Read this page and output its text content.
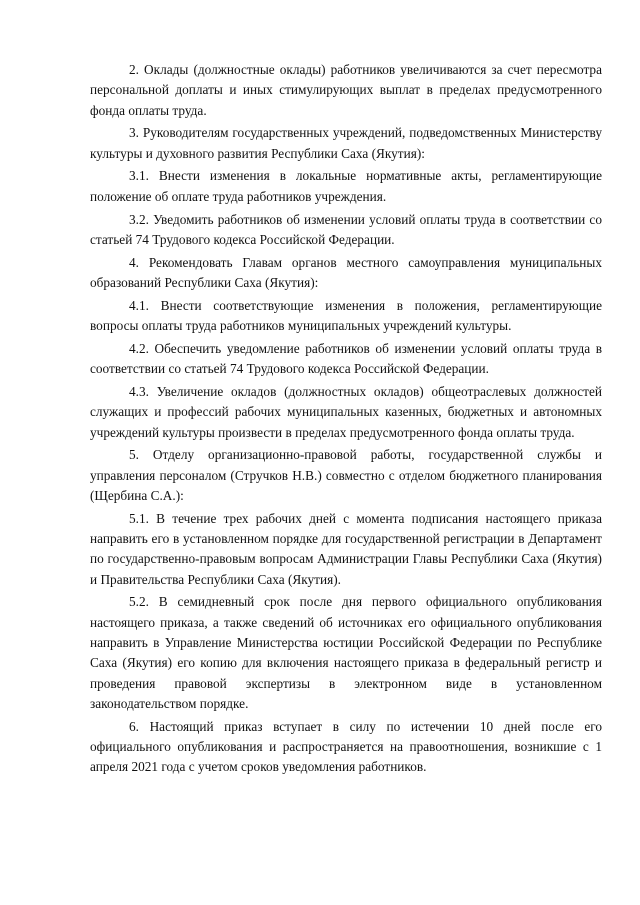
2. Оклады (должностные оклады) работников увеличиваются за счет пересмотра персональной доплаты и иных стимулирующих выплат в пределах предусмотренного фонда оплаты труда.

3. Руководителям государственных учреждений, подведомственных Министерству культуры и духовного развития Республики Саха (Якутия):

3.1. Внести изменения в локальные нормативные акты, регламентирующие положение об оплате труда работников учреждения.

3.2. Уведомить работников об изменении условий оплаты труда в соответствии со статьей 74 Трудового кодекса Российской Федерации.

4. Рекомендовать Главам органов местного самоуправления муниципальных образований Республики Саха (Якутия):

4.1. Внести соответствующие изменения в положения, регламентирующие вопросы оплаты труда работников муниципальных учреждений культуры.

4.2. Обеспечить уведомление работников об изменении условий оплаты труда в соответствии со статьей 74 Трудового кодекса Российской Федерации.

4.3. Увеличение окладов (должностных окладов) общеотраслевых должностей служащих и профессий рабочих муниципальных казенных, бюджетных и автономных учреждений культуры произвести в пределах предусмотренного фонда оплаты труда.

5. Отделу организационно-правовой работы, государственной службы и управления персоналом (Стручков Н.В.) совместно с отделом бюджетного планирования (Щербина С.А.):

5.1. В течение трех рабочих дней с момента подписания настоящего приказа направить его в установленном порядке для государственной регистрации в Департамент по государственно-правовым вопросам Администрации Главы Республики Саха (Якутия) и Правительства Республики Саха (Якутия).

5.2. В семидневный срок после дня первого официального опубликования настоящего приказа, а также сведений об источниках его официального опубликования направить в Управление Министерства юстиции Российской Федерации по Республике Саха (Якутия) его копию для включения настоящего приказа в федеральный регистр и проведения правовой экспертизы в электронном виде в установленном законодательством порядке.

6. Настоящий приказ вступает в силу по истечении 10 дней после его официального опубликования и распространяется на правоотношения, возникшие с 1 апреля 2021 года с учетом сроков уведомления работников.
